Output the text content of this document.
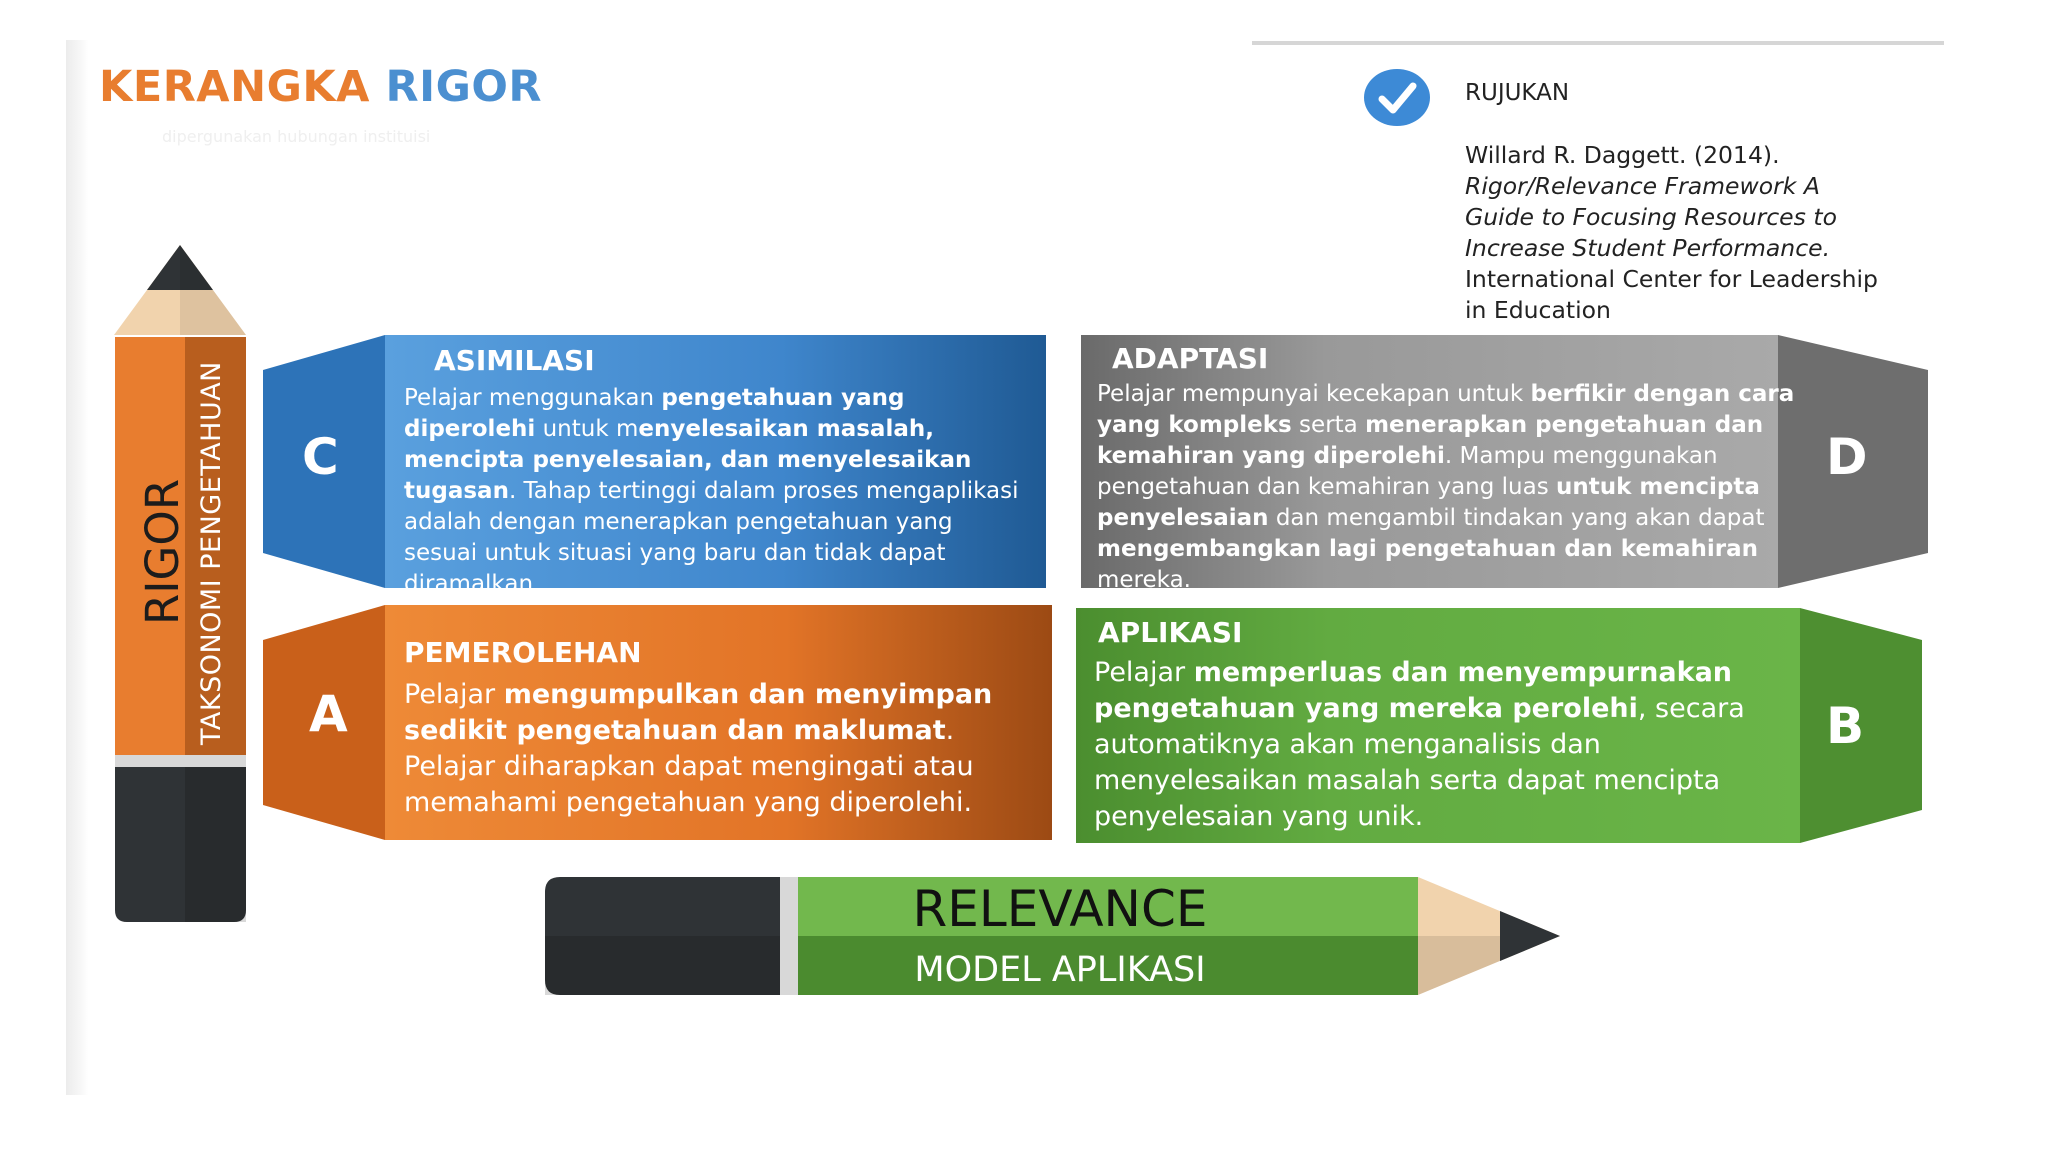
KERANGKA RIGOR
dipergunakan hubungan instituisi
RUJUKAN
Willard R. Daggett. (2014).
Rigor/Relevance Framework A Guide to Focusing Resources to Increase Student Performance. International Center for Leadership in Education
RIGOR TAKSONOMI PENGETAHUAN
RELEVANCE
MODEL APLIKASI
C
ASIMILASI
Pelajar menggunakan pengetahuan yang diperolehi untuk menyelesaikan masalah, mencipta penyelesaian, dan menyelesaikan tugasan. Tahap tertinggi dalam proses mengaplikasi adalah dengan menerapkan pengetahuan yang sesuai untuk situasi yang baru dan tidak dapat diramalkan.
D
ADAPTASI
Pelajar mempunyai kecekapan untuk berfikir dengan cara yang kompleks serta menerapkan pengetahuan dan kemahiran yang diperolehi. Mampu menggunakan pengetahuan dan kemahiran yang luas untuk mencipta penyelesaian dan mengambil tindakan yang akan dapat mengembangkan lagi pengetahuan dan kemahiran mereka.
A
PEMEROLEHAN
Pelajar mengumpulkan dan menyimpan sedikit pengetahuan dan maklumat. Pelajar diharapkan dapat mengingati atau memahami pengetahuan yang diperolehi.
B
APLIKASI
Pelajar memperluas dan menyempurnakan pengetahuan yang mereka perolehi, secara automatiknya akan menganalisis dan menyelesaikan masalah serta dapat mencipta penyelesaian yang unik.
